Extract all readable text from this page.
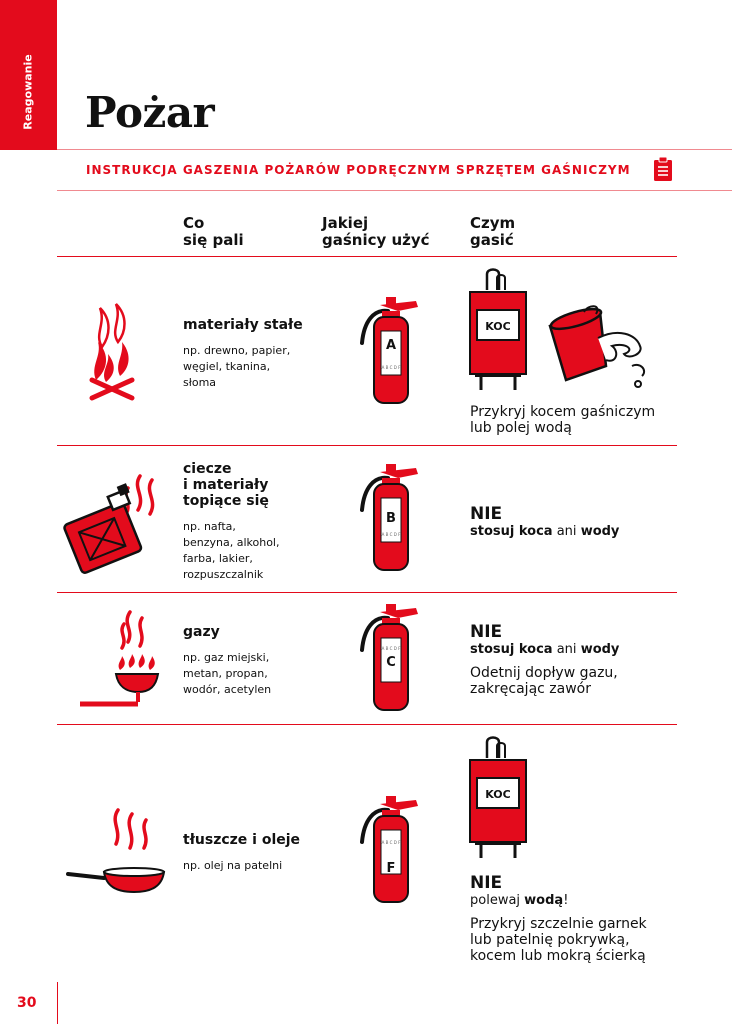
Reagowanie Pożar
INSTRUKCJA GASZENIA POŻARÓW PODRĘCZNYM SPRZĘTEM GAŚNICZYM
Co
się pali
Jakiej
gaśnicy użyć
Czym
gasić
materiały stałe
np. drewno, papier,
węgiel, tkanina,
słoma
A
A B C D F
KOC
Przykryj kocem gaśniczym
lub polej wodą
ciecze
i materiały
topiące się
np. nafta,
benzyna, alkohol,
farba, lakier,
rozpuszczalnik
B
A B C D F
NIE
stosuj koca ani wody
gazy
np. gaz miejski,
metan, propan,
wodór, acetylen
C
A B C D F
NIE
stosuj koca ani wody
Odetnij dopływ gazu,
zakręcając zawór
tłuszcze i oleje
np. olej na patelni	F
A B C D F
KOC
NIE
polewaj wodą!
Przykryj szczelnie garnek
lub patelnię pokrywką,
kocem lub mokrą ścierką
30
